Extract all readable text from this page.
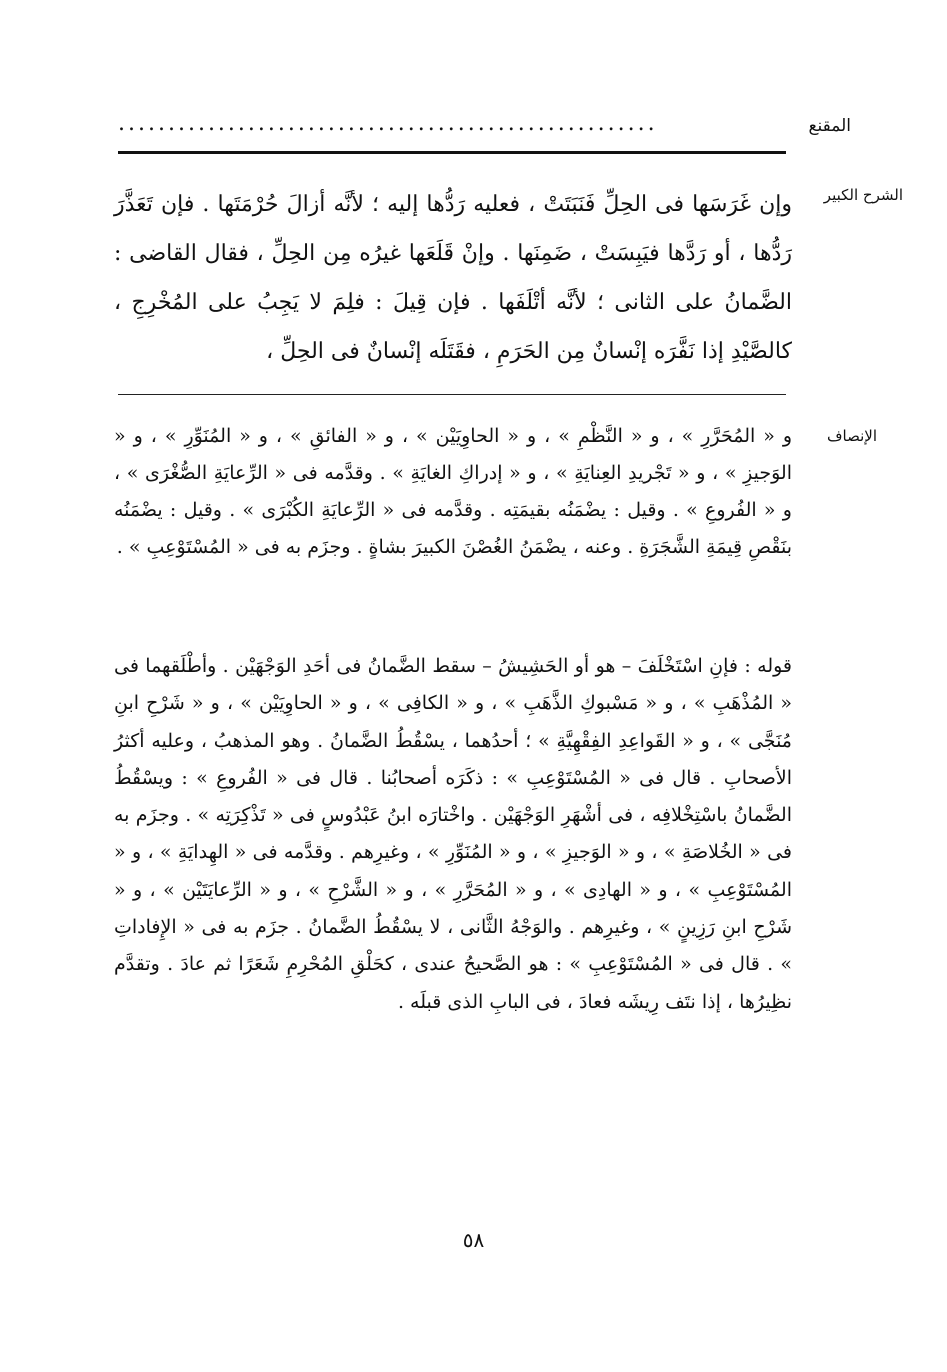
المقنع
......................................................
الشرح الكبير

وإن غَرَسَها فى الحِلِّ فَنَبَتَتْ ، فعليه رَدُّها إليه ؛ لأنَّه أزالَ حُرْمَتَها . فإن تَعَذَّرَ رَدُّها ، أو رَدَّها فيَبِسَتْ ، ضَمِنَها . وإنْ قَلَعَها غيرُه مِن الحِلِّ ، فقال القاضى : الضَّمانُ على الثانى ؛ لأنَّه أتْلَفَها . فإن قِيلَ : فلِمَ لا يَجِبُ على المُخْرِجِ ، كالصَّيْدِ إذا نَفَّرَه إنْسانٌ مِن الحَرَمِ ، فقَتَلَه إنْسانٌ فى الحِلِّ ،

الإنصاف

و « المُحَرَّرِ » ، و « النَّظْمِ » ، و « الحاوِيَيْن » ، و « الفائقِ » ، و « المُنَوِّرِ » ، و « الوَجيزِ » ، و « تَجْريدِ العِنايَةِ » ، و « إدراكِ الغايَةِ » . وقدَّمه فى « الرِّعايَةِ الصُّغْرَى » ، و « الفُروعِ » . وقيل : يضْمَنُه بقيمَتِه . وقدَّمه فى « الرِّعايَةِ الكُبْرَى » . وقيل : يضْمَنُه بنَقْصِ قِيمَةِ الشَّجَرَةِ . وعنه ، يضْمَنُ الغُصْنَ الكبيرَ بشاةٍ . وجزَم به فى « المُسْتَوْعِبِ » .

قوله : فإنِ اسْتَخْلَفَ – هو أو الحَشِيشُ – سقط الضَّمانُ فى أحَدِ الوَجْهَيْن . وأطْلَقهما فى « المُذْهَبِ » ، و « مَسْبوكِ الذَّهَبِ » ، و « الكافِى » ، و « الحاوِيَيْن » ، و « شَرْحِ ابنِ مُنَجَّى » ، و « القَواعِدِ الفِقْهِيَّةِ » ؛ أحدُهما ، يسْقُطُ الضَّمانُ . وهو المذهبُ ، وعليه أكثرُ الأصحابِ . قال فى « المُسْتَوْعِبِ » : ذكَرَه أصحابُنا . قال فى « الفُروعِ » : ويسْقُطُ الضَّمانُ باسْتِخْلافِه ، فى أشْهَرِ الوَجْهَيْن . واخْتارَه ابنُ عَبْدُوسٍ فى « تَذْكِرَتِه » . وجزَم به فى « الخُلاصَةِ » ، و « الوَجيزِ » ، و « المُنَوِّرِ » ، وغيرِهم . وقدَّمه فى « الهِدايَةِ » ، و « المُسْتَوْعِبِ » ، و « الهادِى » ، و « المُحَرَّرِ » ، و « الشَّرْحِ » ، و « الرِّعايَتَيْن » ، و « شَرْحِ ابنِ رَزِينٍ » ، وغيرِهم . والوَجْهُ الثَّانى ، لا يسْقُطُ الضَّمانُ . جزَم به فى « الإِفاداتِ » . قال فى « المُسْتَوْعِبِ » : هو الصَّحيحُ عندى ، كحَلْقِ المُحْرِمِ شَعَرًا ثم عادَ . وتقدَّم نظِيرُها ، إذا نتَف رِيشَه فعادَ ، فى البابِ الذى قبلَه .

٥٨
